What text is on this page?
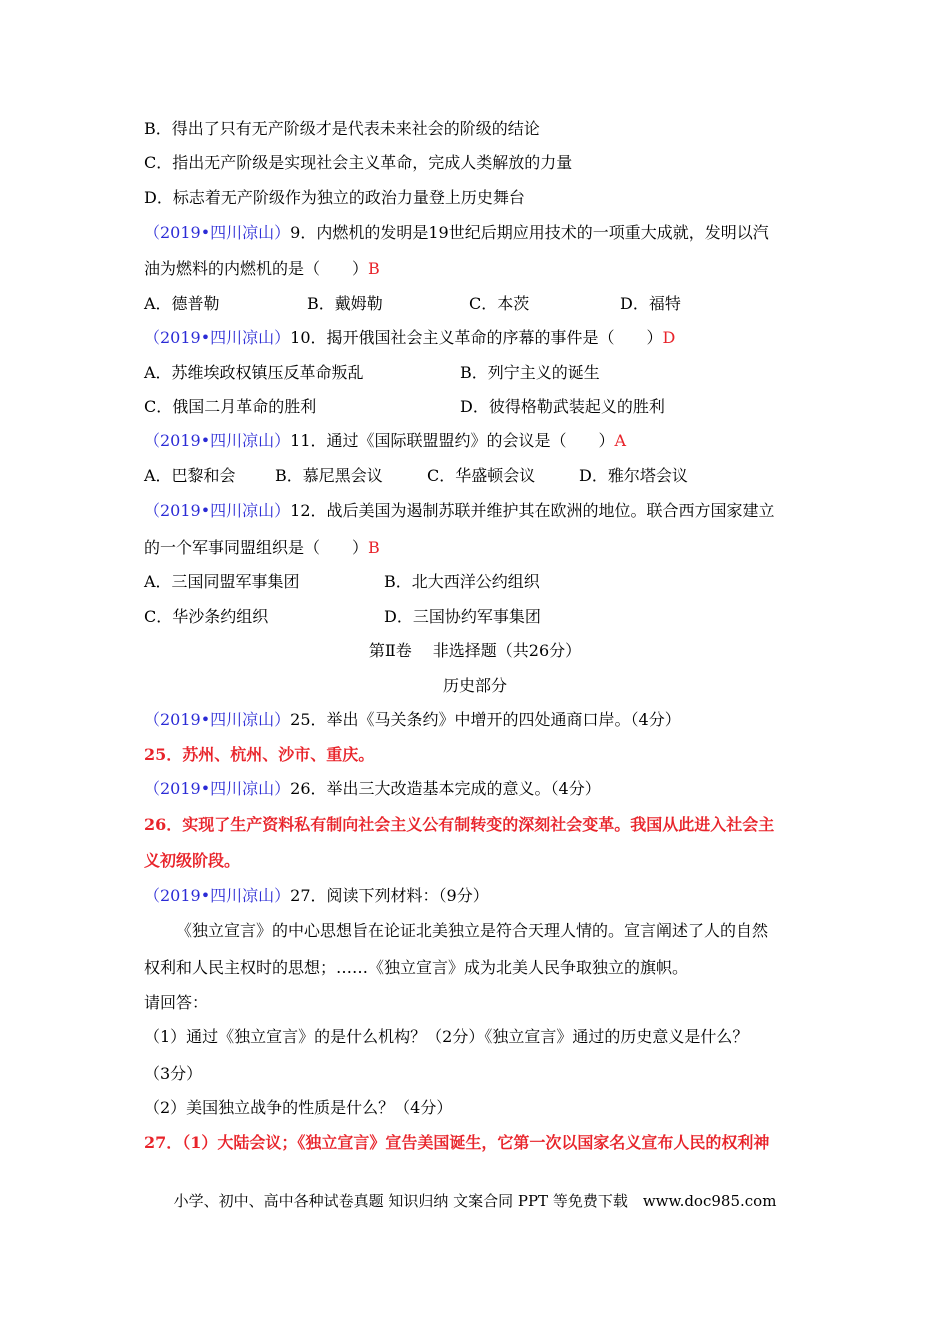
B．得出了只有无产阶级才是代表未来社会的阶级的结论
C．指出无产阶级是实现社会主义革命，完成人类解放的力量
D．标志着无产阶级作为独立的政治力量登上历史舞台
（2019•四川凉山）9．内燃机的发明是19世纪后期应用技术的一项重大成就，发明以汽
油为燃料的内燃机的是（　　）B
A．德普勒	B．戴姆勒	C．本茨	D．福特
（2019•四川凉山）10．揭开俄国社会主义革命的序幕的事件是（　　）D
A．苏维埃政权镇压反革命叛乱	B．列宁主义的诞生
C．俄国二月革命的胜利	D．彼得格勒武装起义的胜利
（2019•四川凉山）11．通过《国际联盟盟约》的会议是（　　）A
A．巴黎和会 B．慕尼黑会议	C．华盛顿会议	D．雅尔塔会议
（2019•四川凉山）12．战后美国为遏制苏联并维护其在欧洲的地位。联合西方国家建立
的一个军事同盟组织是（　　）B
A．三国同盟军事集团	B．北大西洋公约组织
C．华沙条约组织	D．三国协约军事集团
第Ⅱ卷　 非选择题（共26分）
历史部分
（2019•四川凉山）25．举出《马关条约》中增开的四处通商口岸。（4分）
25．苏州、杭州、沙市、重庆。
（2019•四川凉山）26．举出三大改造基本完成的意义。（4分）
26．实现了生产资料私有制向社会主义公有制转变的深刻社会变革。我国从此进入社会主
义初级阶段。
（2019•四川凉山）27．阅读下列材料：（9分）
《独立宣言》的中心思想旨在论证北美独立是符合天理人情的。宣言阐述了人的自然
权利和人民主权时的思想；……《独立宣言》成为北美人民争取独立的旗帜。
请回答：
（1）通过《独立宣言》的是什么机构？（2分）《独立宣言》通过的历史意义是什么？
（3分）
（2）美国独立战争的性质是什么？（4分）
27．（1）大陆会议；《独立宣言》宣告美国诞生，它第一次以国家名义宣布人民的权利神
小学、初中、高中各种试卷真题 知识归纳 文案合同 PPT 等免费下载　www.doc985.com
